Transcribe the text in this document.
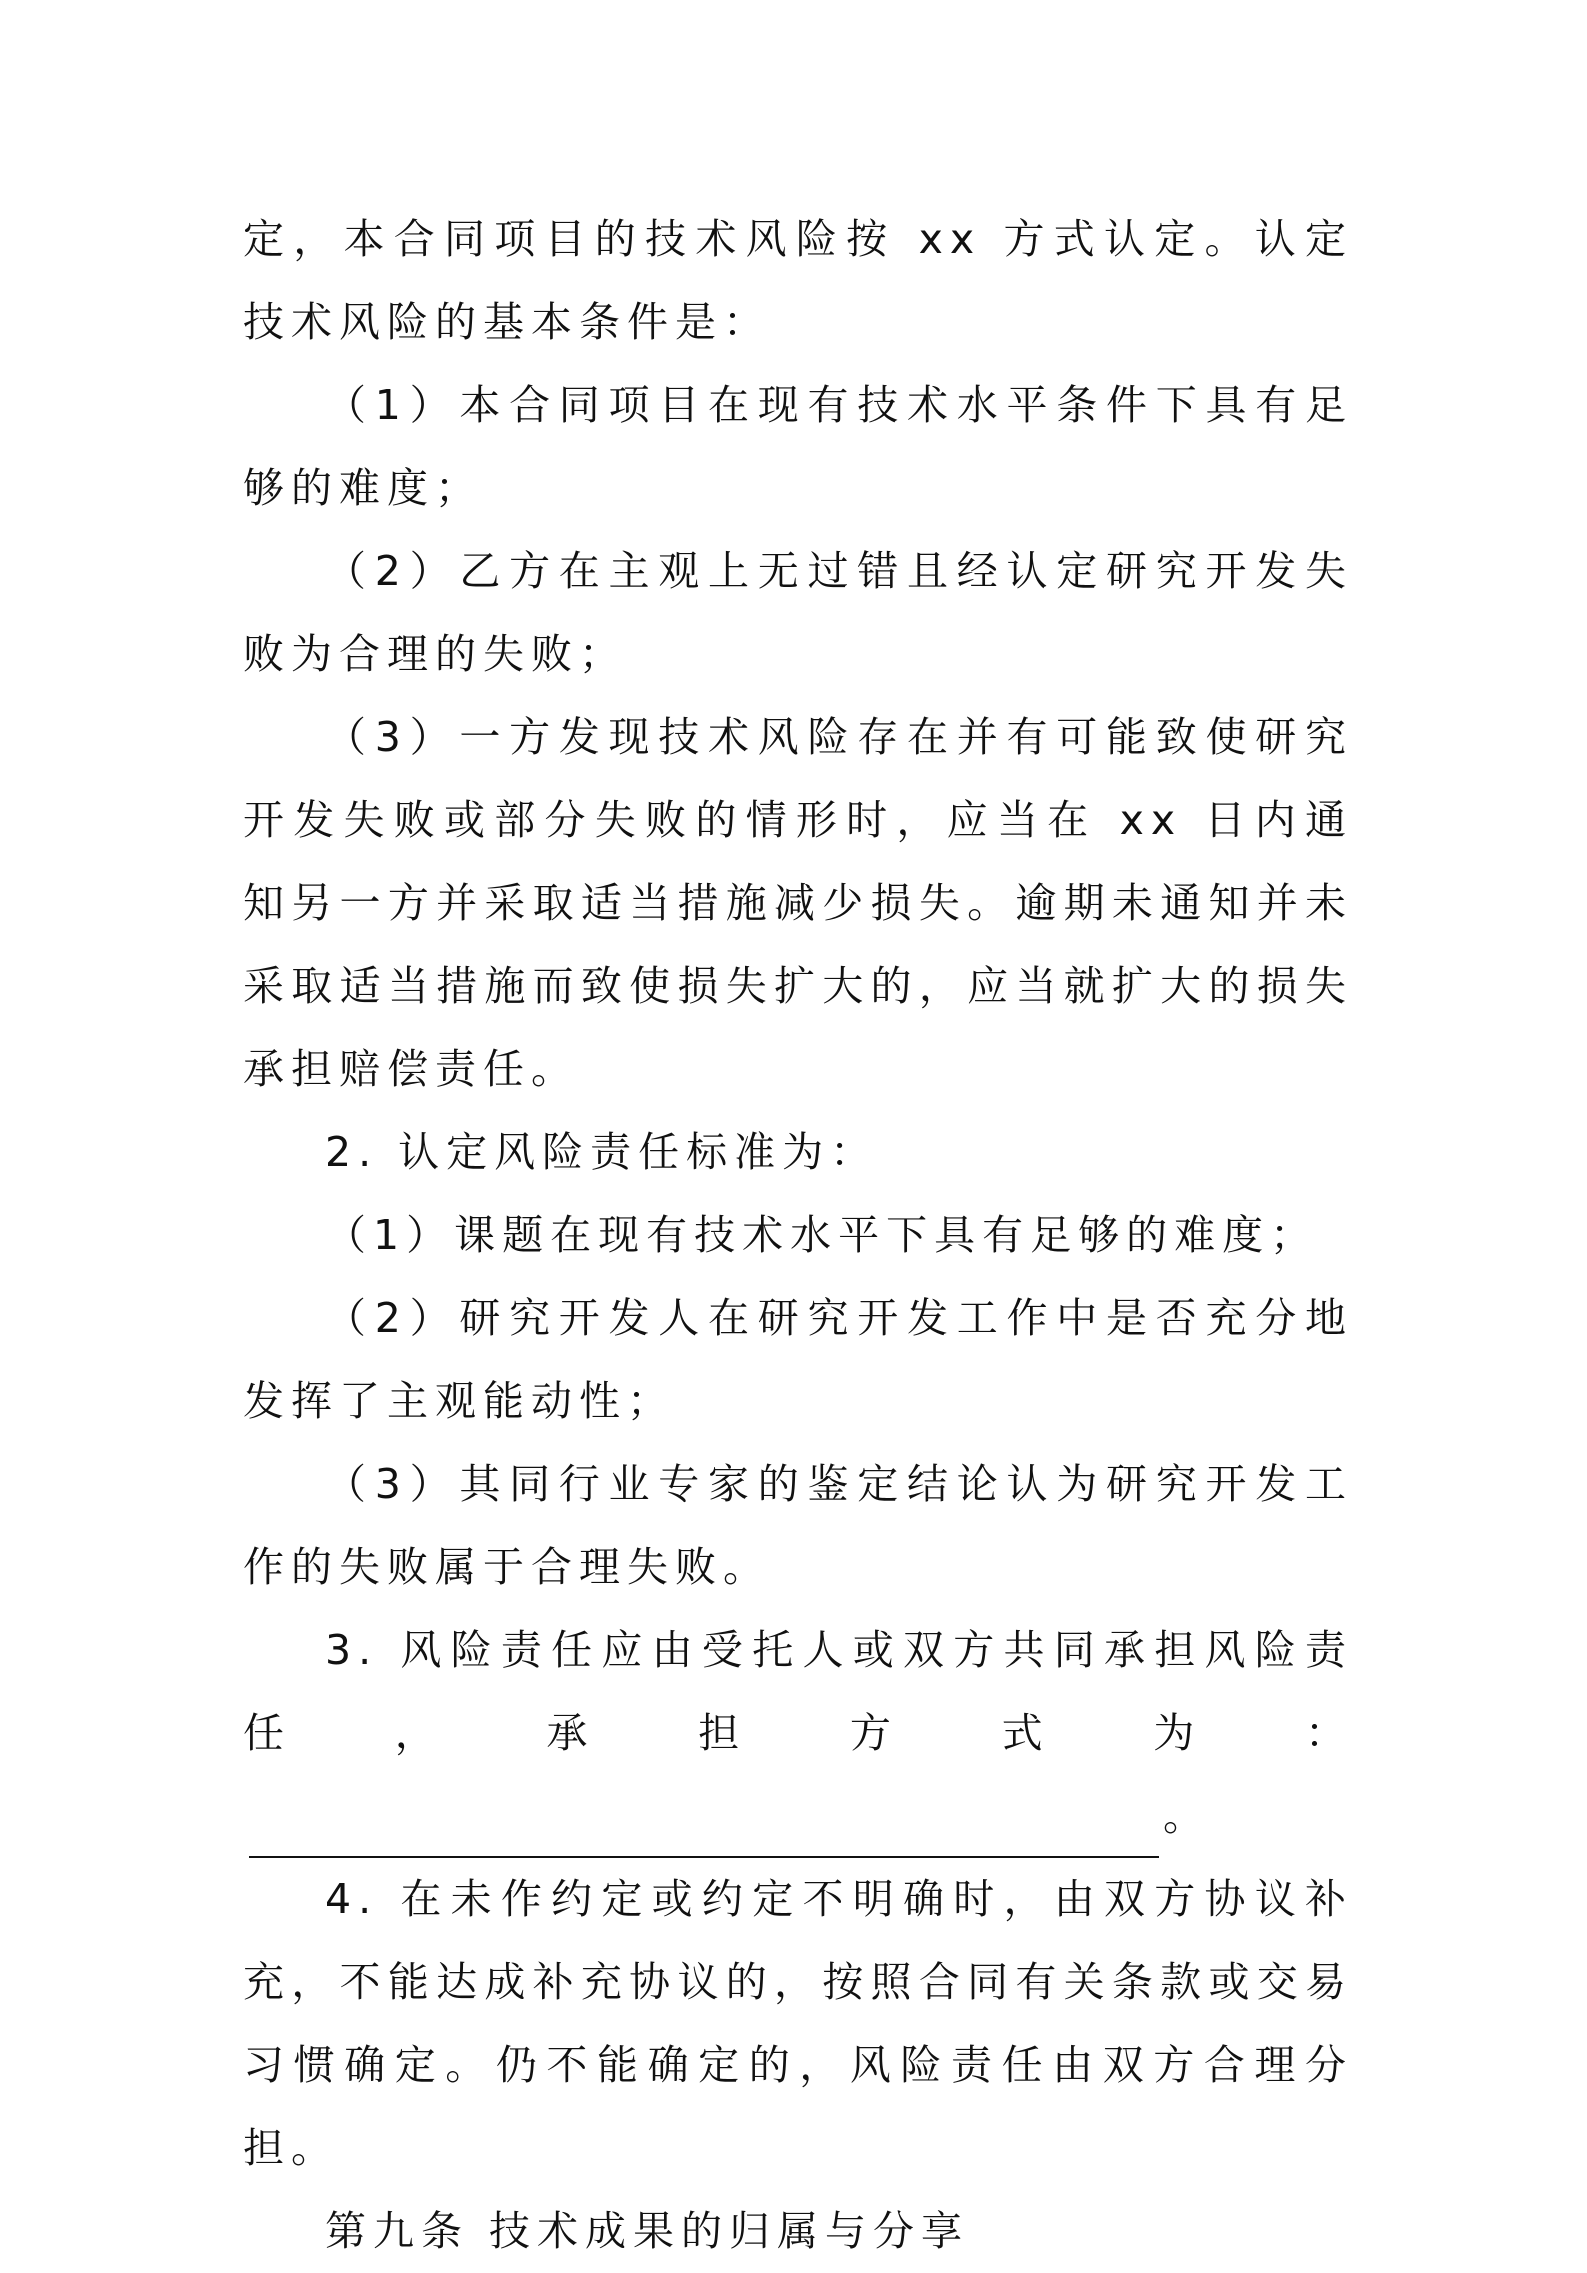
定，本合同项目的技术风险按 xx 方式认定。认定技术风险的基本条件是：

（1）本合同项目在现有技术水平条件下具有足够的难度；

（2）乙方在主观上无过错且经认定研究开发失败为合理的失败；

（3）一方发现技术风险存在并有可能致使研究开发失败或部分失败的情形时，应当在 xx 日内通知另一方并采取适当措施减少损失。逾期未通知并未采取适当措施而致使损失扩大的，应当就扩大的损失承担赔偿责任。

2. 认定风险责任标准为：

（1）课题在现有技术水平下具有足够的难度；

（2）研究开发人在研究开发工作中是否充分地发挥了主观能动性；

（3）其同行业专家的鉴定结论认为研究开发工作的失败属于合理失败。

3. 风险责任应由受托人或双方共同承担风险责任，承担方式为：。

4. 在未作约定或约定不明确时，由双方协议补充，不能达成补充协议的，按照合同有关条款或交易习惯确定。仍不能确定的，风险责任由双方合理分担。

第九条 技术成果的归属与分享
